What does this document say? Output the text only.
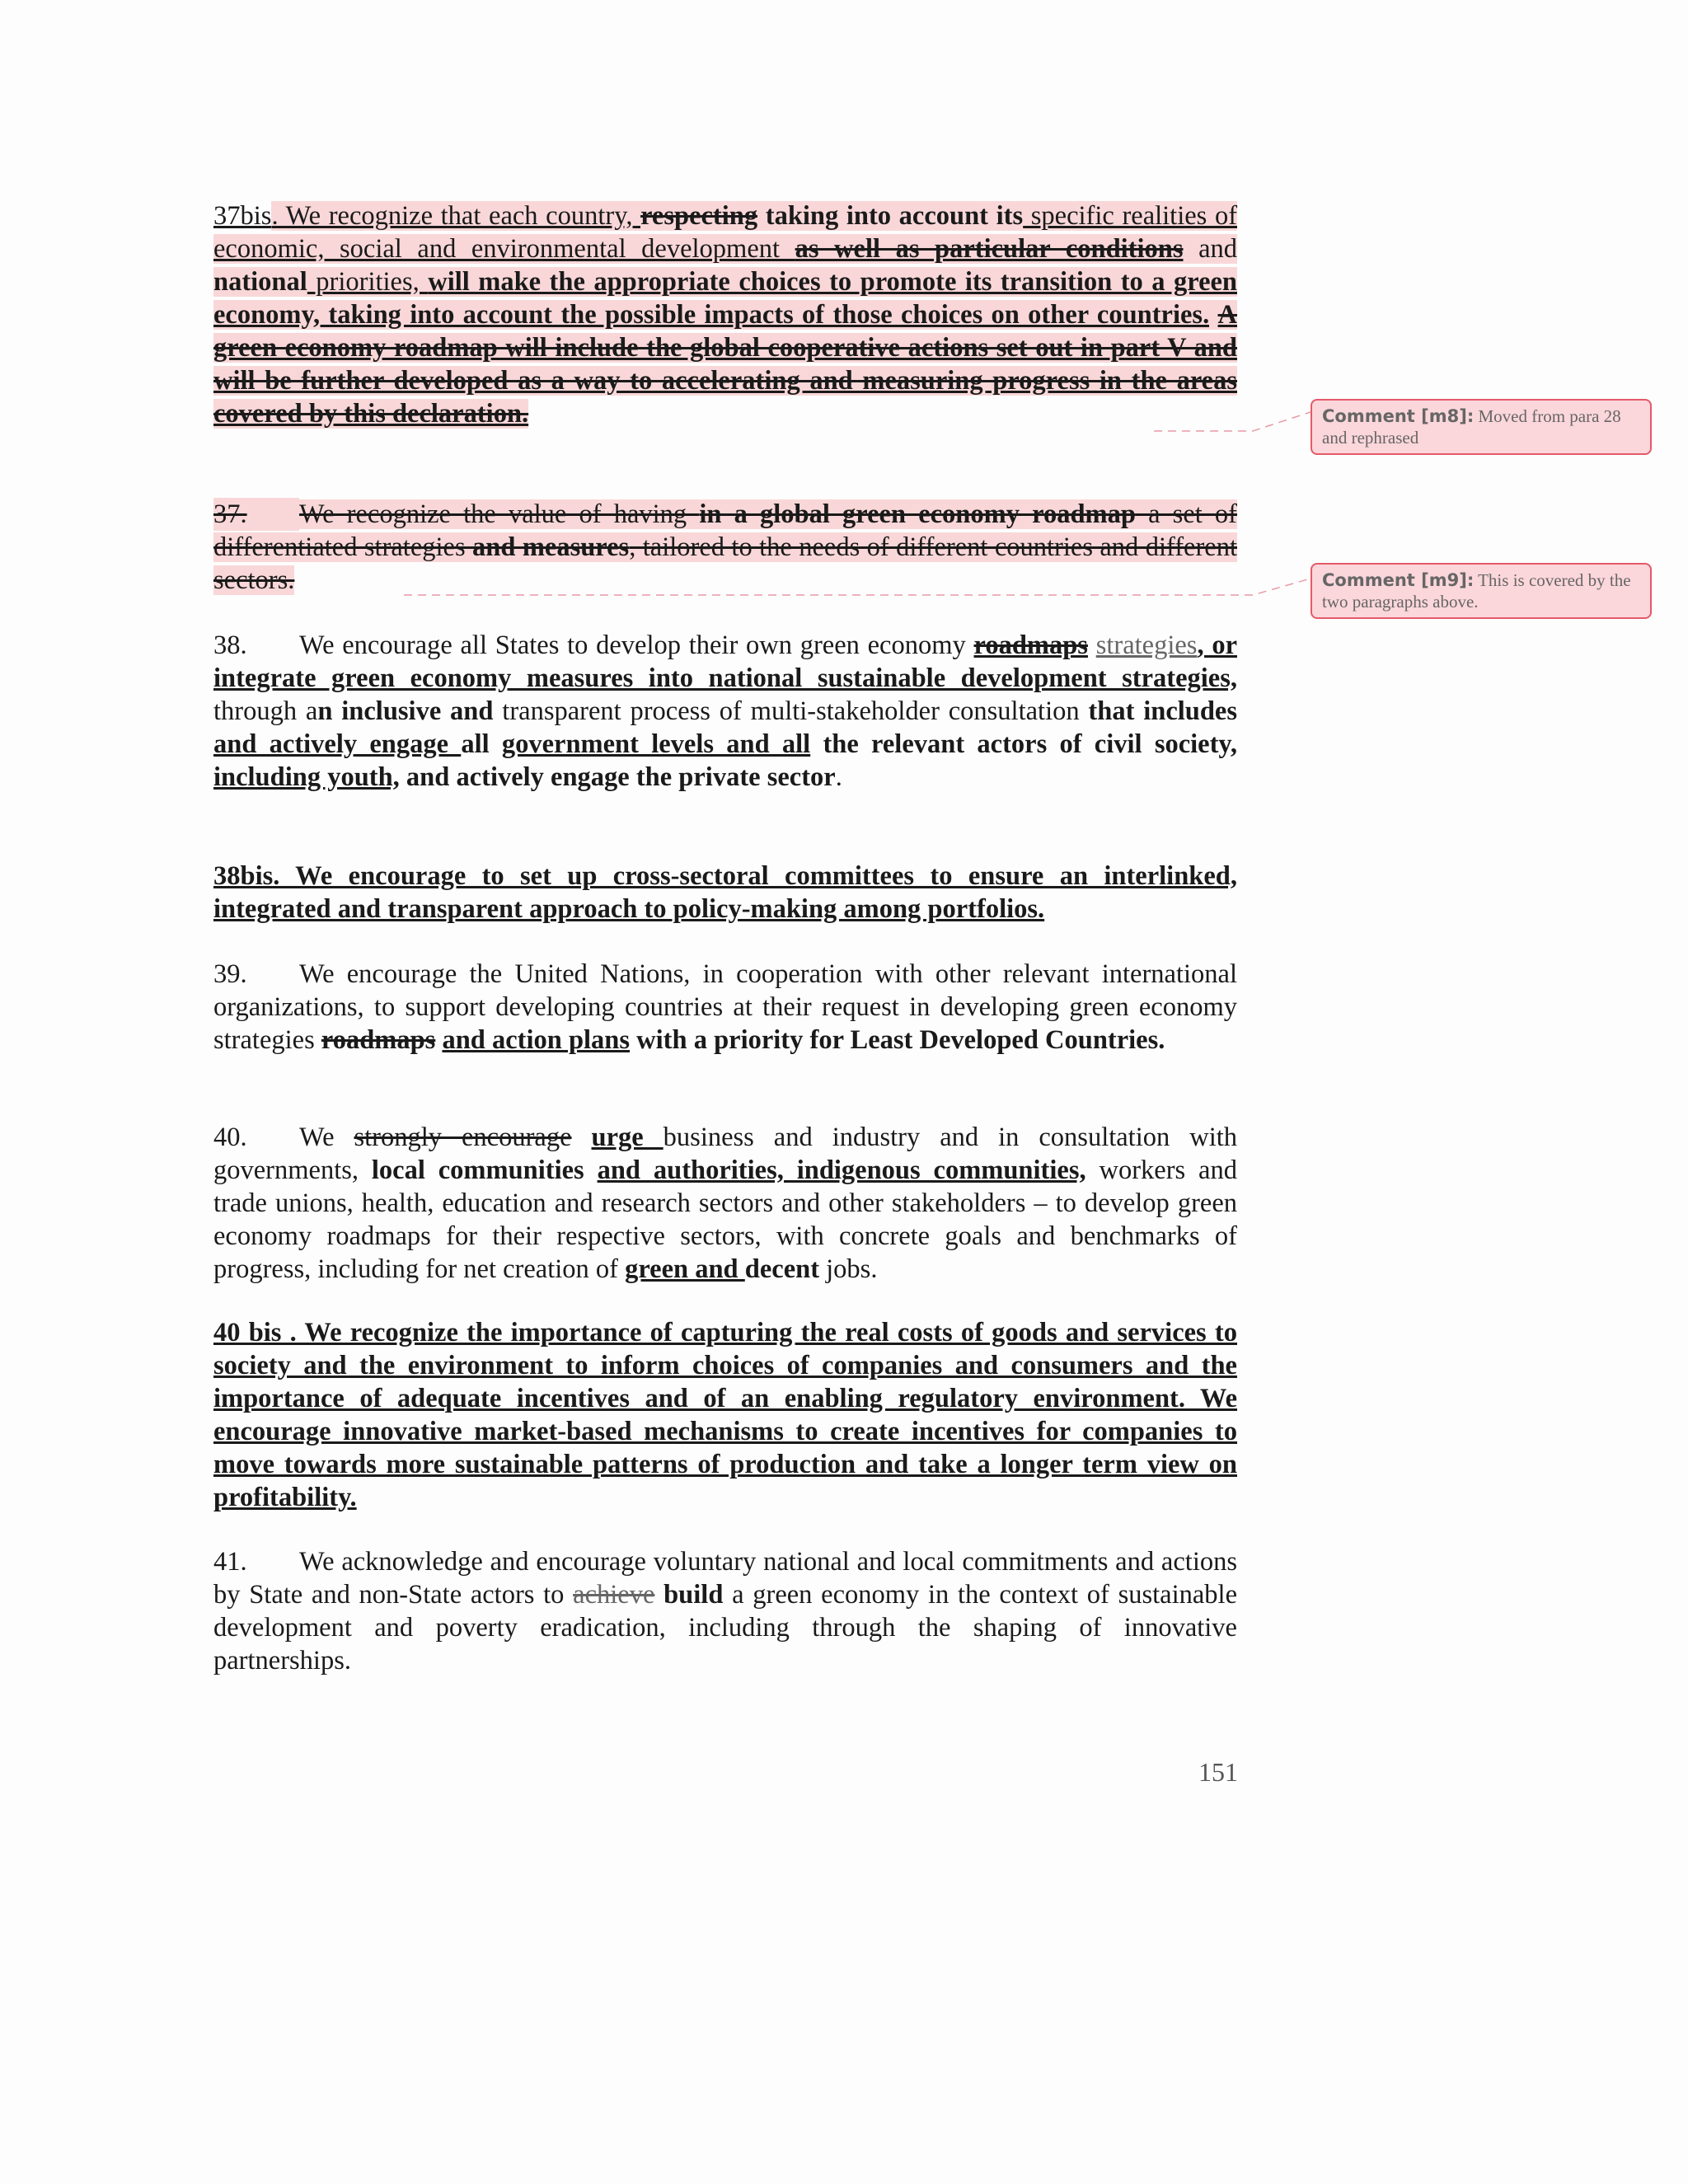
37bis. We recognize that each country, respecting taking into account its specific realities of economic, social and environmental development as well as particular conditions and national priorities, will make the appropriate choices to promote its transition to a green economy, taking into account the possible impacts of those choices on other countries. A green economy roadmap will include the global cooperative actions set out in part V and will be further developed as a way to accelerating and measuring progress in the areas covered by this declaration.

37. We recognize the value of having in a global green economy roadmap a set of differentiated strategies and measures, tailored to the needs of different countries and different sectors.

38. We encourage all States to develop their own green economy roadmaps strategies, or integrate green economy measures into national sustainable development strategies, through an inclusive and transparent process of multi-stakeholder consultation that includes and actively engage all government levels and all the relevant actors of civil society, including youth, and actively engage the private sector.

38bis. We encourage to set up cross-sectoral committees to ensure an interlinked, integrated and transparent approach to policy-making among portfolios.

39. We encourage the United Nations, in cooperation with other relevant international organizations, to support developing countries at their request in developing green economy strategies roadmaps and action plans with a priority for Least Developed Countries.

40. We strongly encourage urge business and industry and in consultation with governments, local communities and authorities, indigenous communities, workers and trade unions, health, education and research sectors and other stakeholders – to develop green economy roadmaps for their respective sectors, with concrete goals and benchmarks of progress, including for net creation of green and decent jobs.

40 bis . We recognize the importance of capturing the real costs of goods and services to society and the environment to inform choices of companies and consumers and the importance of adequate incentives and of an enabling regulatory environment. We encourage innovative market-based mechanisms to create incentives for companies to move towards more sustainable patterns of production and take a longer term view on profitability.

41. We acknowledge and encourage voluntary national and local commitments and actions by State and non-State actors to achieve build a green economy in the context of sustainable development and poverty eradication, including through the shaping of innovative partnerships.

Comment [m8]: Moved from para 28 and rephrased
Comment [m9]: This is covered by the two paragraphs above.
151
